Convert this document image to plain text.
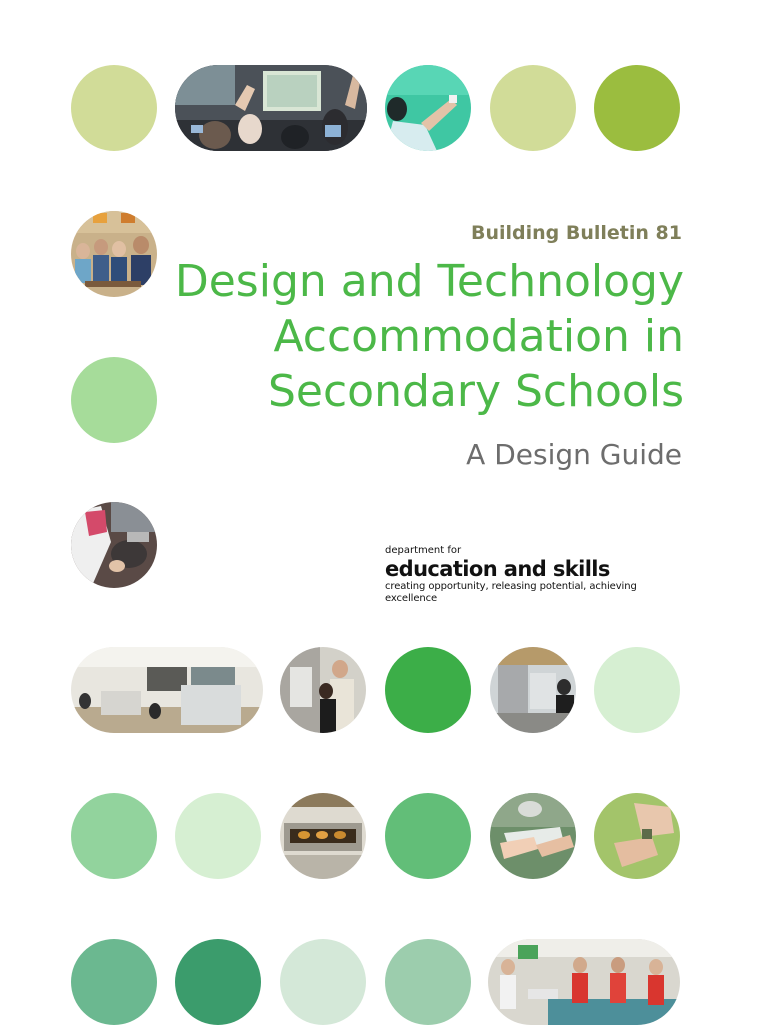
Building Bulletin 81
Design and Technology
Accommodation in
Secondary Schools
A Design Guide
department for
education and skills
creating opportunity, releasing potential, achieving excellence
